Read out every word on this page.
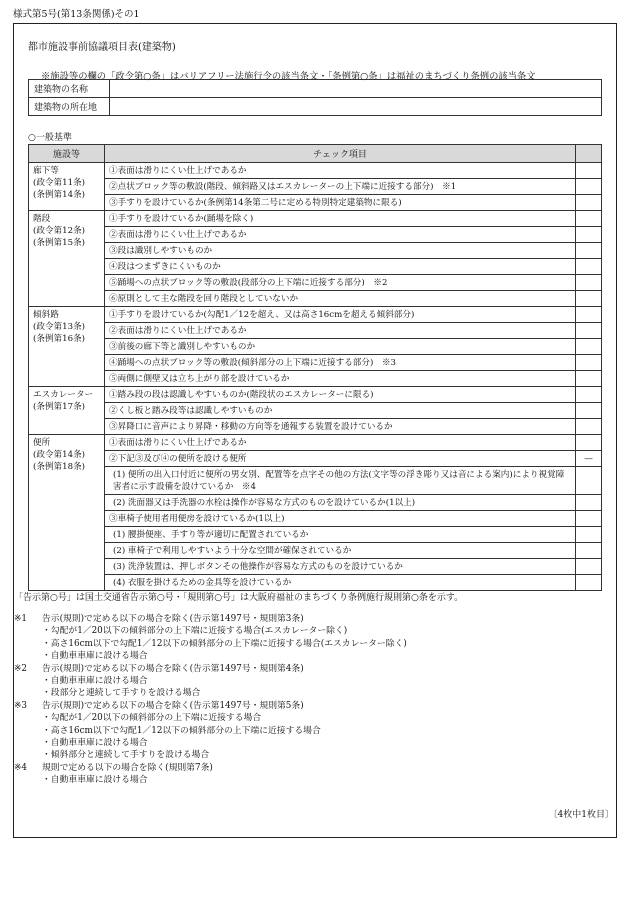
様式第5号(第13条関係)その1
都市施設事前協議項目表(建築物)
※施設等の欄の「政令第○条」はバリアフリー法施行令の該当条文・「条例第○条」は福祉のまちづくり条例の該当条文
建築物の名称	
建築物の所在地	
○一般基準
施設等	チェック項目	
廊下等
(政令第11条)
(条例第14条)	①表面は滑りにくい仕上げであるか	
	②点状ブロック等の敷設(階段、傾斜路又はエスカレーターの上下端に近接する部分)　※1	
	③手すりを設けているか(条例第14条第二号に定める特別特定建築物に限る)	
階段
(政令第12条)
(条例第15条)	①手すりを設けているか(踊場を除く)	
	②表面は滑りにくい仕上げであるか	
	③段は識別しやすいものか	
	④段はつまずきにくいものか	
	⑤踊場への点状ブロック等の敷設(段部分の上下端に近接する部分)　※2	
	⑥原則として主な階段を回り階段としていないか	
傾斜路
(政令第13条)
(条例第16条)	①手すりを設けているか(勾配1／12を超え、又は高さ16cmを超える傾斜部分)	
	②表面は滑りにくい仕上げであるか	
	③前後の廊下等と識別しやすいものか	
	④踊場への点状ブロック等の敷設(傾斜部分の上下端に近接する部分)　※3	
	⑤両側に側壁又は立ち上がり部を設けているか	
エスカレーター
(条例第17条)	①踏み段の段は認識しやすいものか(階段状のエスカレーターに限る)	
	②くし板と踏み段等は認識しやすいものか	
	③昇降口に音声により昇降・移動の方向等を通報する装置を設けているか	
便所
(政令第14条)
(条例第18条)	①表面は滑りにくい仕上げであるか	
	②下記③及び④の便所を設ける便所	—
	(1) 便所の出入口付近に便所の男女別、配置等を点字その他の方法(文字等の浮き彫り又は音による案内)により視覚障害者に示す設備を設けているか　※4	
	(2) 洗面器又は手洗器の水栓は操作が容易な方式のものを設けているか(1以上)	
	③車椅子使用者用便房を設けているか(1以上)	
	(1) 腰掛便座、手すり等が適切に配置されているか	
	(2) 車椅子で利用しやすいよう十分な空間が確保されているか	
	(3) 洗浄装置は、押しボタンその他操作が容易な方式のものを設けているか	
	(4) 衣服を掛けるための金具等を設けているか	
「告示第○号」は国土交通省告示第○号・「規則第○号」は大阪府福祉のまちづくり条例施行規則第○条を示す。
※1 告示(規則)で定める以下の場合を除く(告示第1497号・規則第3条)
・勾配が1／20以下の傾斜部分の上下端に近接する場合(エスカレーター除く)
・高さ16cm以下で勾配1／12以下の傾斜部分の上下端に近接する場合(エスカレーター除く)
・自動車車庫に設ける場合
※2 告示(規則)で定める以下の場合を除く(告示第1497号・規則第4条)
・自動車車庫に設ける場合
・段部分と連続して手すりを設ける場合
※3 告示(規則)で定める以下の場合を除く(告示第1497号・規則第5条)
・勾配が1／20以下の傾斜部分の上下端に近接する場合
・高さ16cm以下で勾配1／12以下の傾斜部分の上下端に近接する場合
・自動車車庫に設ける場合
・傾斜部分と連続して手すりを設ける場合
※4 規則で定める以下の場合を除く(規則第7条)
・自動車車庫に設ける場合
〔4枚中1枚目〕
